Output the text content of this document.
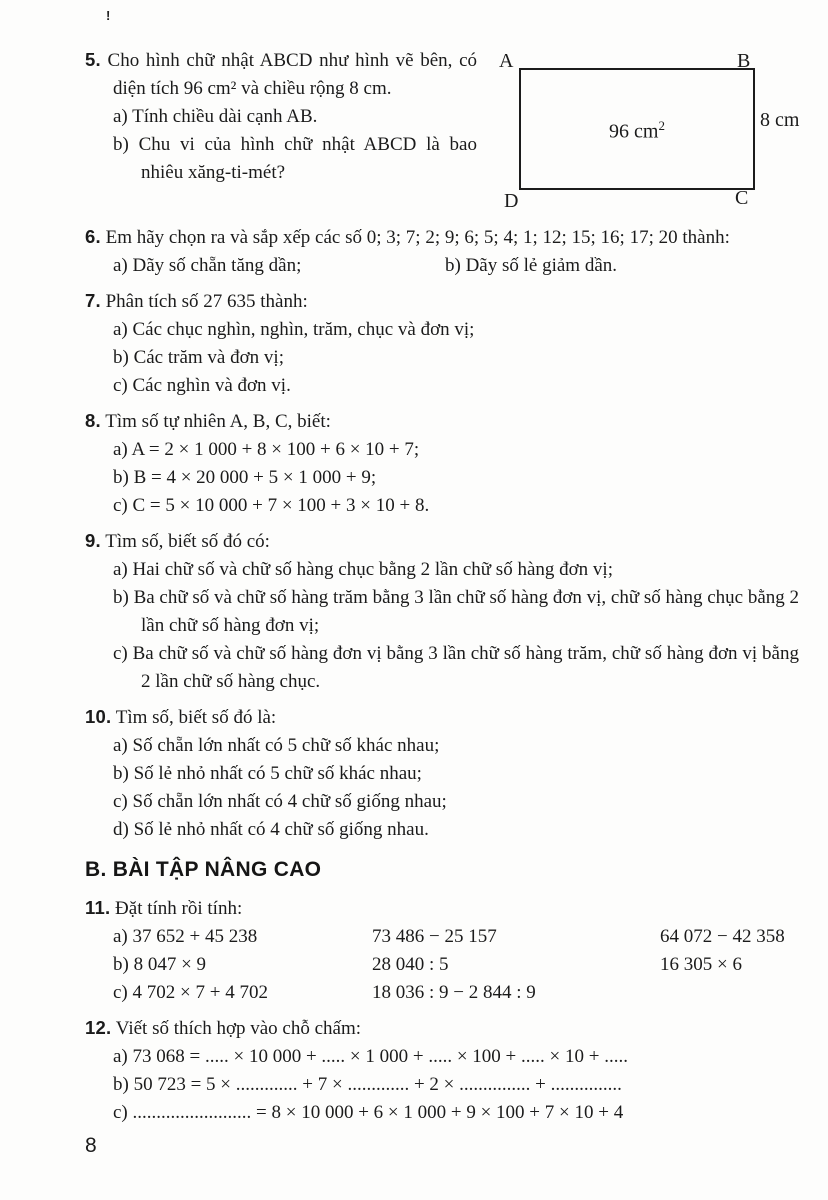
!
5. Cho hình chữ nhật ABCD như hình vẽ bên, có diện tích 96 cm² và chiều rộng 8 cm.
a) Tính chiều dài cạnh AB.
b) Chu vi của hình chữ nhật ABCD là bao nhiêu xăng-ti-mét?
A	B
96 $cm^2$
D	C
8 cm
6. Em hãy chọn ra và sắp xếp các số 0; 3; 7; 2; 9; 6; 5; 4; 1; 12; 15; 16; 17; 20 thành:
a) Dãy số chẵn tăng dần;	b) Dãy số lẻ giảm dần.
7. Phân tích số 27 635 thành:
a) Các chục nghìn, nghìn, trăm, chục và đơn vị;
b) Các trăm và đơn vị;
c) Các nghìn và đơn vị.
8. Tìm số tự nhiên A, B, C, biết:
a) A = 2 × 1 000 + 8 × 100 + 6 × 10 + 7;
b) B = 4 × 20 000 + 5 × 1 000 + 9;
c) C = 5 × 10 000 + 7 × 100 + 3 × 10 + 8.
9. Tìm số, biết số đó có:
a) Hai chữ số và chữ số hàng chục bằng 2 lần chữ số hàng đơn vị;
b) Ba chữ số và chữ số hàng trăm bằng 3 lần chữ số hàng đơn vị, chữ số hàng chục bằng 2 lần chữ số hàng đơn vị;
c) Ba chữ số và chữ số hàng đơn vị bằng 3 lần chữ số hàng trăm, chữ số hàng đơn vị bằng 2 lần chữ số hàng chục.
10. Tìm số, biết số đó là:
a) Số chẵn lớn nhất có 5 chữ số khác nhau;
b) Số lẻ nhỏ nhất có 5 chữ số khác nhau;
c) Số chẵn lớn nhất có 4 chữ số giống nhau;
d) Số lẻ nhỏ nhất có 4 chữ số giống nhau.
B. BÀI TẬP NÂNG CAO
11. Đặt tính rồi tính:
a) 37 652 + 45 238	73 486 − 25 157	64 072 − 42 358
b) 8 047 × 9	28 040 : 5	16 305 × 6
c) 4 702 × 7 + 4 702	18 036 : 9 − 2 844 : 9
12. Viết số thích hợp vào chỗ chấm:
a) 73 068 = ..... × 10 000 + ..... × 1 000 + ..... × 100 + ..... × 10 + .....
b) 50 723 = 5 × ............. + 7 × ............. + 2 × ............... + ...............
c) ......................... = 8 × 10 000 + 6 × 1 000 + 9 × 100 + 7 × 10 + 4
8
